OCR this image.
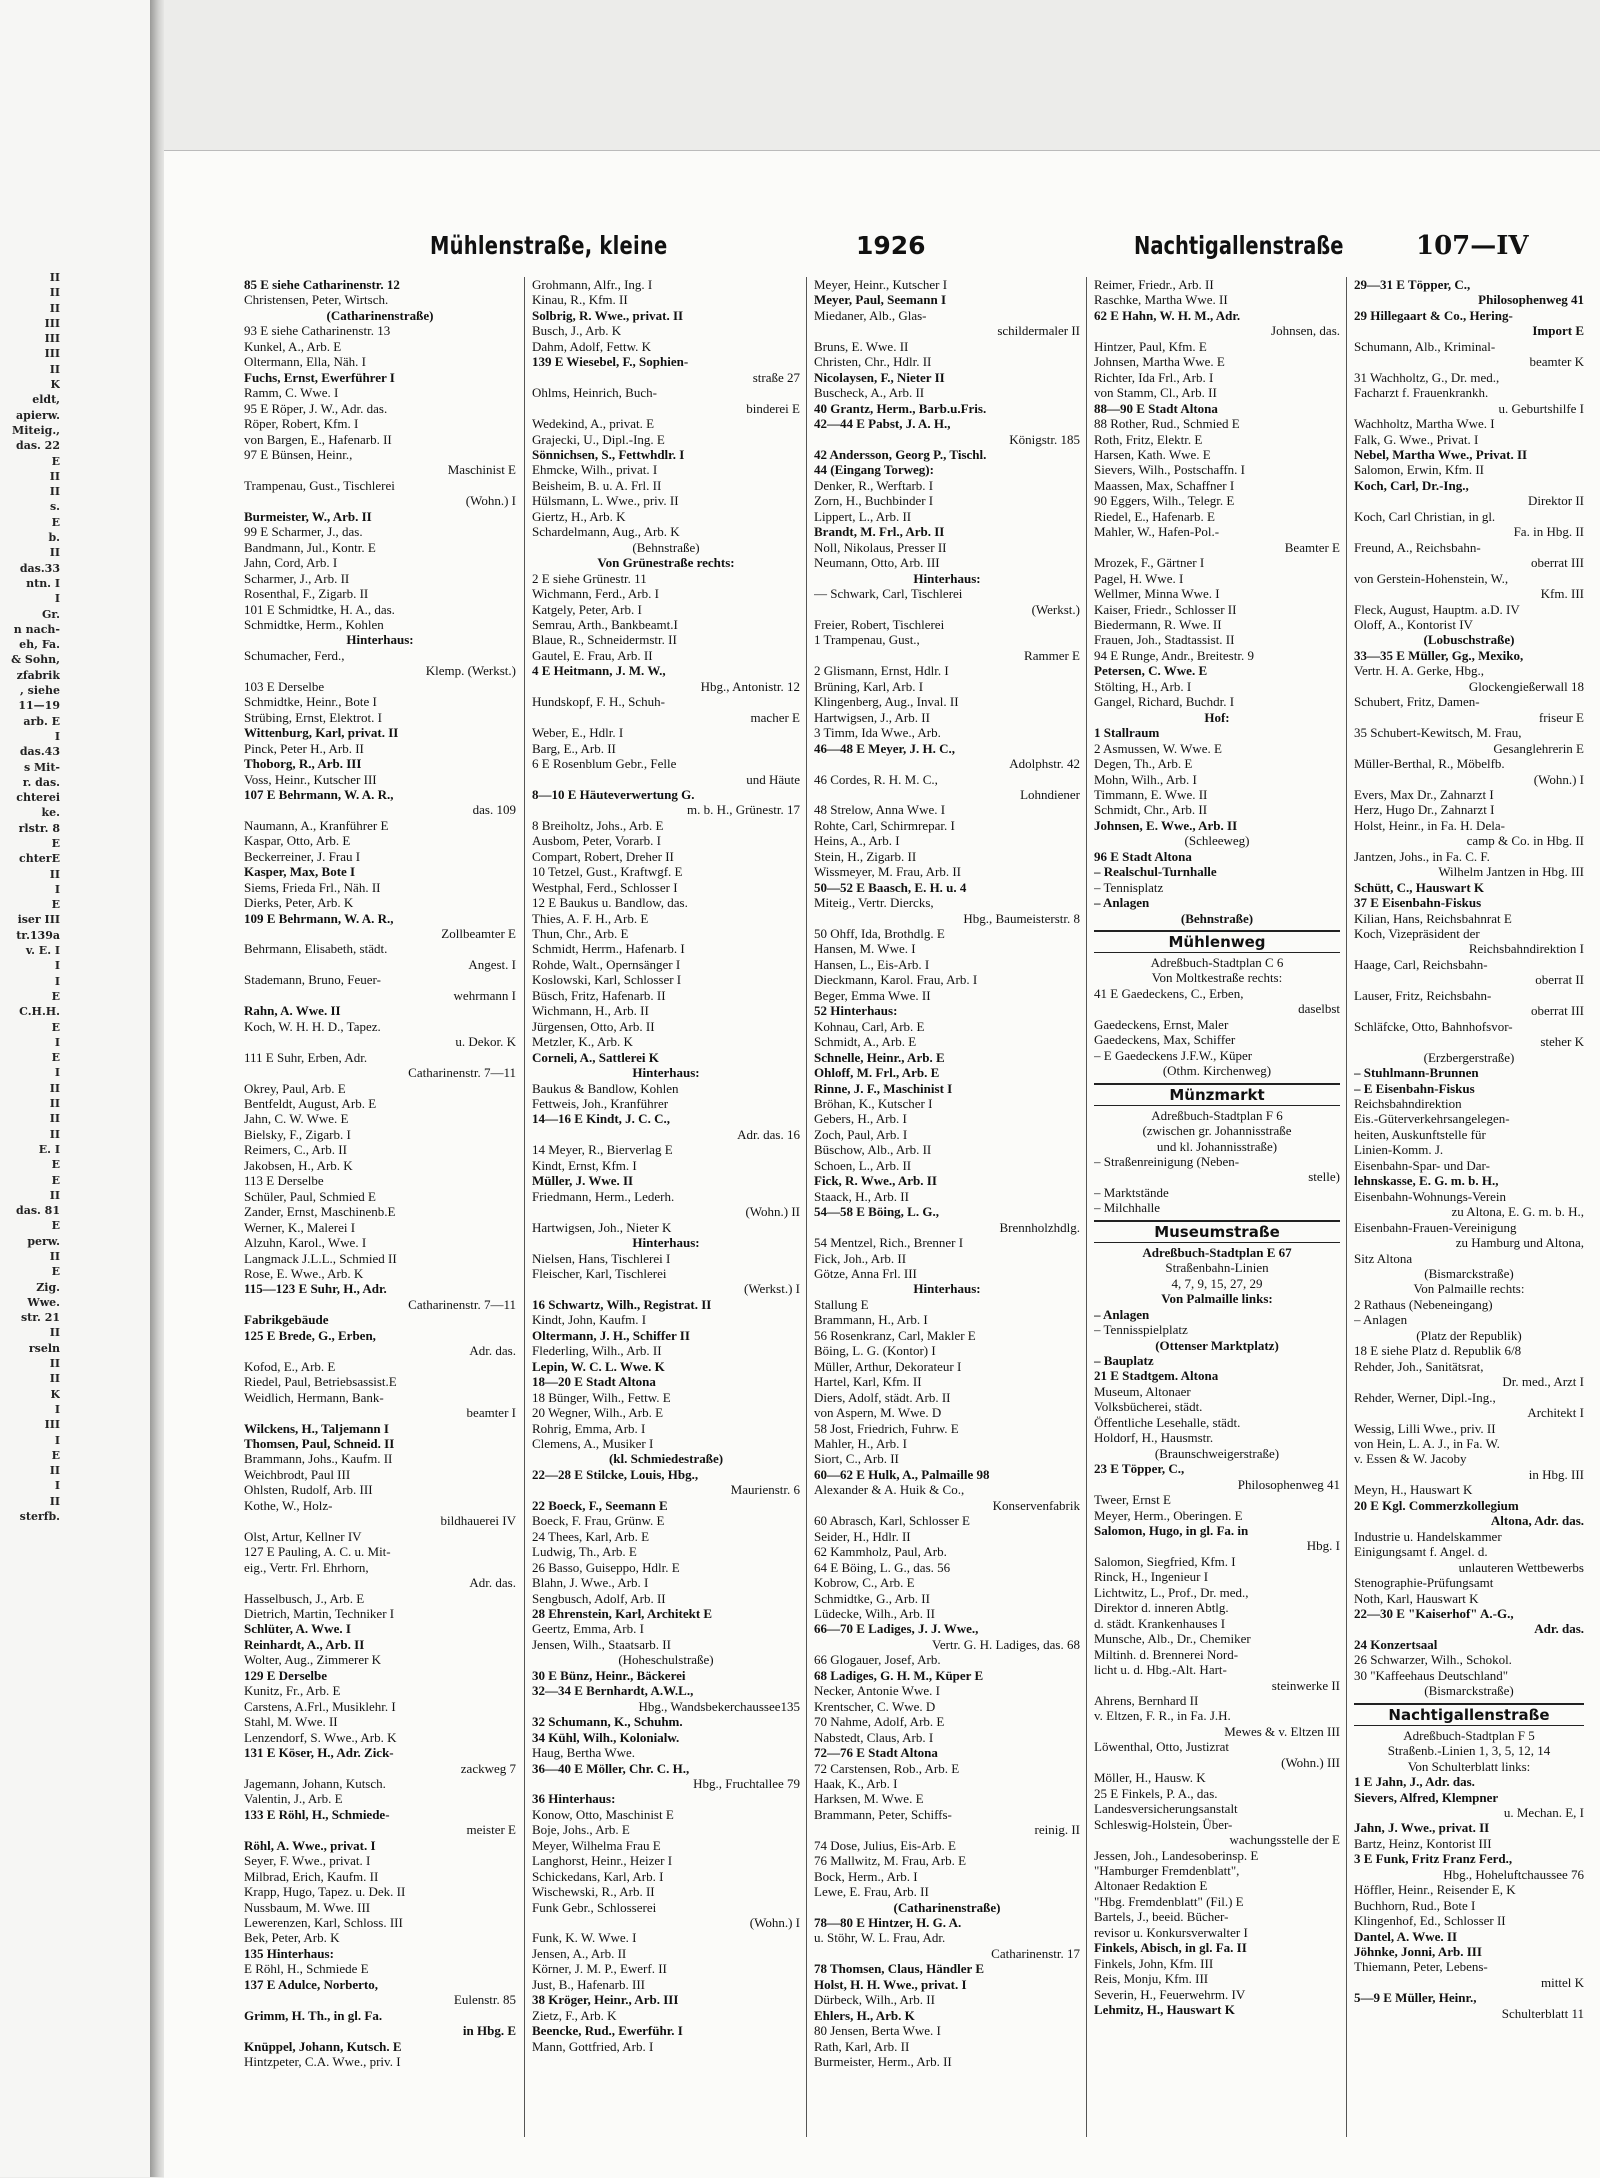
II
II
II
III
III
III
II
K
eldt,
apierw.
Miteig.,
das. 22
E
II
II
s.
E
b.
II
das.33
ntn. I
I
Gr.
n nach-
eh, Fa.
& Sohn,
zfabrik
, siehe
11—19
arb. E
I
das.43
s Mit-
r. das.
chterei
ke.
rlstr. 8
E
chterE
II
I
E
iser III
tr.139a
v. E. I
I
I
E
C.H.H.
E
I
E
I
II
II
II
II
E. I
E
E
II
das. 81
E
perw.
II
E
Zig.
Wwe.
str. 21
II
rseln
II
II
K
I
III
I
E
II
I
II
sterfb.
Mühlenstraße, kleine	1926	Nachtigallenstraße	107—IV
85 E siehe Catharinenstr. 12
Christensen, Peter, Wirtsch.
(Catharinenstraße)
93 E siehe Catharinenstr. 13
Kunkel, A., Arb. E
Oltermann, Ella, Näh. I
Fuchs, Ernst, Ewerführer I
Ramm, C. Wwe. I
95 E Röper, J. W., Adr. das.
Röper, Robert, Kfm. I
von Bargen, E., Hafenarb. II
97 E Bünsen, Heinr.,
Maschinist E
Trampenau, Gust., Tischlerei
(Wohn.) I
Burmeister, W., Arb. II
99 E Scharmer, J., das.
Bandmann, Jul., Kontr. E
Jahn, Cord, Arb. I
Scharmer, J., Arb. II
Rosenthal, F., Zigarb. II
101 E Schmidtke, H. A., das.
Schmidtke, Herm., Kohlen
Hinterhaus:
Schumacher, Ferd.,
Klemp. (Werkst.)
103 E Derselbe
Schmidtke, Heinr., Bote I
Strübing, Ernst, Elektrot. I
Wittenburg, Karl, privat. II
Pinck, Peter H., Arb. II
Thoborg, R., Arb. III
Voss, Heinr., Kutscher III
107 E Behrmann, W. A. R.,
das. 109
Naumann, A., Kranführer E
Kaspar, Otto, Arb. E
Beckerreiner, J. Frau I
Kasper, Max, Bote I
Siems, Frieda Frl., Näh. II
Dierks, Peter, Arb. K
109 E Behrmann, W. A. R.,
Zollbeamter E
Behrmann, Elisabeth, städt.
Angest. I
Stademann, Bruno, Feuer-
wehrmann I
Rahn, A. Wwe. II
Koch, W. H. H. D., Tapez.
u. Dekor. K
111 E Suhr, Erben, Adr.
Catharinenstr. 7—11
Okrey, Paul, Arb. E
Bentfeldt, August, Arb. E
Jahn, C. W. Wwe. E
Bielsky, F., Zigarb. I
Reimers, C., Arb. II
Jakobsen, H., Arb. K
113 E Derselbe
Schüler, Paul, Schmied E
Zander, Ernst, Maschinenb.E
Werner, K., Malerei I
Alzuhn, Karol., Wwe. I
Langmack J.L.L., Schmied II
Rose, E. Wwe., Arb. K
115—123 E Suhr, H., Adr.
Catharinenstr. 7—11
Fabrikgebäude
125 E Brede, G., Erben,
Adr. das.
Kofod, E., Arb. E
Riedel, Paul, Betriebsassist.E
Weidlich, Hermann, Bank-
beamter I
Wilckens, H., Taljemann I
Thomsen, Paul, Schneid. II
Brammann, Johs., Kaufm. II
Weichbrodt, Paul III
Ohlsten, Rudolf, Arb. III
Kothe, W., Holz-
bildhauerei IV
Olst, Artur, Kellner IV
127 E Pauling, A. C. u. Mit-
eig., Vertr. Frl. Ehrhorn,
Adr. das.
Hasselbusch, J., Arb. E
Dietrich, Martin, Techniker I
Schlüter, A. Wwe. I
Reinhardt, A., Arb. II
Wolter, Aug., Zimmerer K
129 E Derselbe
Kunitz, Fr., Arb. E
Carstens, A.Frl., Musiklehr. I
Stahl, M. Wwe. II
Lenzendorf, S. Wwe., Arb. K
131 E Köser, H., Adr. Zick-
zackweg 7
Jagemann, Johann, Kutsch.
Valentin, J., Arb. E
133 E Röhl, H., Schmiede-
meister E
Röhl, A. Wwe., privat. I
Seyer, F. Wwe., privat. I
Milbrad, Erich, Kaufm. II
Krapp, Hugo, Tapez. u. Dek. II
Nussbaum, M. Wwe. III
Lewerenzen, Karl, Schloss. III
Bek, Peter, Arb. K
135 Hinterhaus:
E Röhl, H., Schmiede E
137 E Adulce, Norberto,
Eulenstr. 85
Grimm, H. Th., in gl. Fa.
in Hbg. E
Knüppel, Johann, Kutsch. E
Hintzpeter, C.A. Wwe., priv. I
Grohmann, Alfr., Ing. I
Kinau, R., Kfm. II
Solbrig, R. Wwe., privat. II
Busch, J., Arb. K
Dahm, Adolf, Fettw. K
139 E Wiesebel, F., Sophien-
straße 27
Ohlms, Heinrich, Buch-
binderei E
Wedekind, A., privat. E
Grajecki, U., Dipl.-Ing. E
Sönnichsen, S., Fettwhdlr. I
Ehmcke, Wilh., privat. I
Beisheim, B. u. A. Frl. II
Hülsmann, L. Wwe., priv. II
Giertz, H., Arb. K
Schardelmann, Aug., Arb. K
(Behnstraße)
Von Grünestraße rechts:
2 E siehe Grünestr. 11
Wichmann, Ferd., Arb. I
Katgely, Peter, Arb. I
Semrau, Arth., Bankbeamt.I
Blaue, R., Schneidermstr. II
Gautel, E. Frau, Arb. II
4 E Heitmann, J. M. W.,
Hbg., Antonistr. 12
Hundskopf, F. H., Schuh-
macher E
Weber, E., Hdlr. I
Barg, E., Arb. II
6 E Rosenblum Gebr., Felle
und Häute
8—10 E Häuteverwertung G.
m. b. H., Grünestr. 17
8 Breiholtz, Johs., Arb. E
Ausbom, Peter, Vorarb. I
Compart, Robert, Dreher II
10 Tetzel, Gust., Kraftwgf. E
Westphal, Ferd., Schlosser I
12 E Baukus u. Bandlow, das.
Thies, A. F. H., Arb. E
Thun, Chr., Arb. E
Schmidt, Herrm., Hafenarb. I
Rohde, Walt., Opernsänger I
Koslowski, Karl, Schlosser I
Büsch, Fritz, Hafenarb. II
Wichmann, H., Arb. II
Jürgensen, Otto, Arb. II
Metzler, K., Arb. K
Corneli, A., Sattlerei K
Hinterhaus:
Baukus & Bandlow, Kohlen
Fettweis, Joh., Kranführer
14—16 E Kindt, J. C. C.,
Adr. das. 16
14 Meyer, R., Bierverlag E
Kindt, Ernst, Kfm. I
Müller, J. Wwe. II
Friedmann, Herm., Lederh.
(Wohn.) II
Hartwigsen, Joh., Nieter K
Hinterhaus:
Nielsen, Hans, Tischlerei I
Fleischer, Karl, Tischlerei
(Werkst.) I
16 Schwartz, Wilh., Registrat. II
Kindt, John, Kaufm. I
Oltermann, J. H., Schiffer II
Flederling, Wilh., Arb. II
Lepin, W. C. L. Wwe. K
18—20 E Stadt Altona
18 Bünger, Wilh., Fettw. E
20 Wegner, Wilh., Arb. E
Rohrig, Emma, Arb. I
Clemens, A., Musiker I
(kl. Schmiedestraße)
22—28 E Stilcke, Louis, Hbg.,
Maurienstr. 6
22 Boeck, F., Seemann E
Boeck, F. Frau, Grünw. E
24 Thees, Karl, Arb. E
Ludwig, Th., Arb. E
26 Basso, Guiseppo, Hdlr. E
Blahn, J. Wwe., Arb. I
Sengbusch, Adolf, Arb. II
28 Ehrenstein, Karl, Architekt E
Geertz, Emma, Arb. I
Jensen, Wilh., Staatsarb. II
(Hoheschulstraße)
30 E Bünz, Heinr., Bäckerei
32—34 E Bernhardt, A.W.L.,
Hbg., Wandsbekerchaussee135
32 Schumann, K., Schuhm.
34 Kühl, Wilh., Kolonialw.
Haug, Bertha Wwe.
36—40 E Möller, Chr. C. H.,
Hbg., Fruchtallee 79
36 Hinterhaus:
Konow, Otto, Maschinist E
Boje, Johs., Arb. E
Meyer, Wilhelma Frau E
Langhorst, Heinr., Heizer I
Schickedans, Karl, Arb. I
Wischewski, R., Arb. II
Funk Gebr., Schlosserei
(Wohn.) I
Funk, K. W. Wwe. I
Jensen, A., Arb. II
Körner, J. M. P., Ewerf. II
Just, B., Hafenarb. III
38 Kröger, Heinr., Arb. III
Zietz, F., Arb. K
Beencke, Rud., Ewerführ. I
Mann, Gottfried, Arb. I
Meyer, Heinr., Kutscher I
Meyer, Paul, Seemann I
Miedaner, Alb., Glas-
schildermaler II
Bruns, E. Wwe. II
Christen, Chr., Hdlr. II
Nicolaysen, F., Nieter II
Buscheck, A., Arb. II
40 Grantz, Herm., Barb.u.Fris.
42—44 E Pabst, J. A. H.,
Königstr. 185
42 Andersson, Georg P., Tischl.
44 (Eingang Torweg):
Denker, R., Werftarb. I
Zorn, H., Buchbinder I
Lippert, L., Arb. II
Brandt, M. Frl., Arb. II
Noll, Nikolaus, Presser II
Neumann, Otto, Arb. III
Hinterhaus:
— Schwark, Carl, Tischlerei
(Werkst.)
Freier, Robert, Tischlerei
1 Trampenau, Gust.,
Rammer E
2 Glismann, Ernst, Hdlr. I
Brüning, Karl, Arb. I
Klingenberg, Aug., Inval. II
Hartwigsen, J., Arb. II
3 Timm, Ida Wwe., Arb.
46—48 E Meyer, J. H. C.,
Adolphstr. 42
46 Cordes, R. H. M. C.,
Lohndiener
48 Strelow, Anna Wwe. I
Rohte, Carl, Schirmrepar. I
Heins, A., Arb. I
Stein, H., Zigarb. II
Wissmeyer, M. Frau, Arb. II
50—52 E Baasch, E. H. u. 4
Miteig., Vertr. Diercks,
Hbg., Baumeisterstr. 8
50 Ohff, Ida, Brothdlg. E
Hansen, M. Wwe. I
Hansen, L., Eis-Arb. I
Dieckmann, Karol. Frau, Arb. I
Beger, Emma Wwe. II
52 Hinterhaus:
Kohnau, Carl, Arb. E
Schmidt, A., Arb. E
Schnelle, Heinr., Arb. E
Ohloff, M. Frl., Arb. E
Rinne, J. F., Maschinist I
Bröhan, K., Kutscher I
Gebers, H., Arb. I
Zoch, Paul, Arb. I
Büschow, Alb., Arb. II
Schoen, L., Arb. II
Fick, R. Wwe., Arb. II
Staack, H., Arb. II
54—58 E Böing, L. G.,
Brennholzhdlg.
54 Mentzel, Rich., Brenner I
Fick, Joh., Arb. II
Götze, Anna Frl. III
Hinterhaus:
Stallung E
Brammann, H., Arb. I
56 Rosenkranz, Carl, Makler E
Böing, L. G. (Kontor) I
Müller, Arthur, Dekorateur I
Hartel, Karl, Kfm. II
Diers, Adolf, städt. Arb. II
von Aspern, M. Wwe. D
58 Jost, Friedrich, Fuhrw. E
Mahler, H., Arb. I
Siort, C., Arb. II
60—62 E Hulk, A., Palmaille 98
Alexander & A. Huik & Co.,
Konservenfabrik
60 Abrasch, Karl, Schlosser E
Seider, H., Hdlr. II
62 Kammholz, Paul, Arb.
64 E Böing, L. G., das. 56
Kobrow, C., Arb. E
Schmidtke, G., Arb. II
Lüdecke, Wilh., Arb. II
66—70 E Ladiges, J. J. Wwe.,
Vertr. G. H. Ladiges, das. 68
66 Glogauer, Josef, Arb.
68 Ladiges, G. H. M., Küper E
Necker, Antonie Wwe. I
Krentscher, C. Wwe. D
70 Nahme, Adolf, Arb. E
Nabstedt, Claus, Arb. I
72—76 E Stadt Altona
72 Carstensen, Rob., Arb. E
Haak, K., Arb. I
Harksen, M. Wwe. E
Brammann, Peter, Schiffs-
reinig. II
74 Dose, Julius, Eis-Arb. E
76 Mallwitz, M. Frau, Arb. E
Bock, Herm., Arb. I
Lewe, E. Frau, Arb. II
(Catharinenstraße)
78—80 E Hintzer, H. G. A.
u. Stöhr, W. L. Frau, Adr.
Catharinenstr. 17
78 Thomsen, Claus, Händler E
Holst, H. H. Wwe., privat. I
Dürbeck, Wilh., Arb. II
Ehlers, H., Arb. K
80 Jensen, Berta Wwe. I
Rath, Karl, Arb. II
Burmeister, Herm., Arb. II
Reimer, Friedr., Arb. II
Raschke, Martha Wwe. II
62 E Hahn, W. H. M., Adr.
Johnsen, das.
Hintzer, Paul, Kfm. E
Johnsen, Martha Wwe. E
Richter, Ida Frl., Arb. I
von Stamm, Cl., Arb. II
88—90 E Stadt Altona
88 Rother, Rud., Schmied E
Roth, Fritz, Elektr. E
Harsen, Kath. Wwe. E
Sievers, Wilh., Postschaffn. I
Maassen, Max, Schaffner I
90 Eggers, Wilh., Telegr. E
Riedel, E., Hafenarb. E
Mahler, W., Hafen-Pol.-
Beamter E
Mrozek, F., Gärtner I
Pagel, H. Wwe. I
Wellmer, Minna Wwe. I
Kaiser, Friedr., Schlosser II
Biedermann, R. Wwe. II
Frauen, Joh., Stadtassist. II
94 E Runge, Andr., Breitestr. 9
Petersen, C. Wwe. E
Stölting, H., Arb. I
Gangel, Richard, Buchdr. I
Hof:
1 Stallraum
2 Asmussen, W. Wwe. E
Degen, Th., Arb. E
Mohn, Wilh., Arb. I
Timmann, E. Wwe. II
Schmidt, Chr., Arb. II
Johnsen, E. Wwe., Arb. II
(Schleeweg)
96 E Stadt Altona
– Realschul-Turnhalle
– Tennisplatz
– Anlagen
(Behnstraße)
Mühlenweg
Adreßbuch-Stadtplan C 6
Von Moltkestraße rechts:
41 E Gaedeckens, C., Erben,
daselbst
Gaedeckens, Ernst, Maler
Gaedeckens, Max, Schiffer
– E Gaedeckens J.F.W., Küper
(Othm. Kirchenweg)
Münzmarkt
Adreßbuch-Stadtplan F 6
(zwischen gr. Johannisstraße
und kl. Johannisstraße)
– Straßenreinigung (Neben-
stelle)
– Marktstände
– Milchhalle
Museumstraße
Adreßbuch-Stadtplan E 67
Straßenbahn-Linien
4, 7, 9, 15, 27, 29
Von Palmaille links:
– Anlagen
– Tennisspielplatz
(Ottenser Marktplatz)
– Bauplatz
21 E Stadtgem. Altona
Museum, Altonaer
Volksbücherei, städt.
Öffentliche Lesehalle, städt.
Holdorf, H., Hausmstr.
(Braunschweigerstraße)
23 E Töpper, C.,
Philosophenweg 41
Tweer, Ernst E
Meyer, Herm., Oberingen. E
Salomon, Hugo, in gl. Fa. in
Hbg. I
Salomon, Siegfried, Kfm. I
Rinck, H., Ingenieur I
Lichtwitz, L., Prof., Dr. med.,
Direktor d. inneren Abtlg.
d. städt. Krankenhauses I
Munsche, Alb., Dr., Chemiker
Miltinh. d. Brennerei Nord-
licht u. d. Hbg.-Alt. Hart-
steinwerke II
Ahrens, Bernhard II
v. Eltzen, F. R., in Fa. J.H.
Mewes & v. Eltzen III
Löwenthal, Otto, Justizrat
(Wohn.) III
Möller, H., Hausw. K
25 E Finkels, P. A., das.
Landesversicherungsanstalt
Schleswig-Holstein, Über-
wachungsstelle der E
Jessen, Joh., Landesoberinsp. E
"Hamburger Fremdenblatt",
Altonaer Redaktion E
"Hbg. Fremdenblatt" (Fil.) E
Bartels, J., beeid. Bücher-
revisor u. Konkursverwalter I
Finkels, Abisch, in gl. Fa. II
Finkels, John, Kfm. III
Reis, Monju, Kfm. III
Severin, H., Feuerwehrm. IV
Lehmitz, H., Hauswart K
29—31 E Töpper, C.,
Philosophenweg 41
29 Hillegaart & Co., Hering-
Import E
Schumann, Alb., Kriminal-
beamter K
31 Wachholtz, G., Dr. med.,
Facharzt f. Frauenkrankh.
u. Geburtshilfe I
Wachholtz, Martha Wwe. I
Falk, G. Wwe., Privat. I
Nebel, Martha Wwe., Privat. II
Salomon, Erwin, Kfm. II
Koch, Carl, Dr.-Ing.,
Direktor II
Koch, Carl Christian, in gl.
Fa. in Hbg. II
Freund, A., Reichsbahn-
oberrat III
von Gerstein-Hohenstein, W.,
Kfm. III
Fleck, August, Hauptm. a.D. IV
Oloff, A., Kontorist IV
(Lobuschstraße)
33—35 E Müller, Gg., Mexiko,
Vertr. H. A. Gerke, Hbg.,
Glockengießerwall 18
Schubert, Fritz, Damen-
friseur E
35 Schubert-Kewitsch, M. Frau,
Gesanglehrerin E
Müller-Berthal, R., Möbelfb.
(Wohn.) I
Evers, Max Dr., Zahnarzt I
Herz, Hugo Dr., Zahnarzt I
Holst, Heinr., in Fa. H. Dela-
camp & Co. in Hbg. II
Jantzen, Johs., in Fa. C. F.
Wilhelm Jantzen in Hbg. III
Schütt, C., Hauswart K
37 E Eisenbahn-Fiskus
Kilian, Hans, Reichsbahnrat E
Koch, Vizepräsident der
Reichsbahndirektion I
Haage, Carl, Reichsbahn-
oberrat II
Lauser, Fritz, Reichsbahn-
oberrat III
Schläfcke, Otto, Bahnhofsvor-
steher K
(Erzbergerstraße)
– Stuhlmann-Brunnen
– E Eisenbahn-Fiskus
Reichsbahndirektion
Eis.-Güterverkehrsangelegen-
heiten, Auskunftstelle für
Linien-Komm. J.
Eisenbahn-Spar- und Dar-
lehnskasse, E. G. m. b. H.,
Eisenbahn-Wohnungs-Verein
zu Altona, E. G. m. b. H.,
Eisenbahn-Frauen-Vereinigung
zu Hamburg und Altona,
Sitz Altona
(Bismarckstraße)
Von Palmaille rechts:
2 Rathaus (Nebeneingang)
– Anlagen
(Platz der Republik)
18 E siehe Platz d. Republik 6/8
Rehder, Joh., Sanitätsrat,
Dr. med., Arzt I
Rehder, Werner, Dipl.-Ing.,
Architekt I
Wessig, Lilli Wwe., priv. II
von Hein, L. A. J., in Fa. W.
v. Essen & W. Jacoby
in Hbg. III
Meyn, H., Hauswart K
20 E Kgl. Commerzkollegium
Altona, Adr. das.
Industrie u. Handelskammer
Einigungsamt f. Angel. d.
unlauteren Wettbewerbs
Stenographie-Prüfungsamt
Noth, Karl, Hauswart K
22—30 E "Kaiserhof" A.-G.,
Adr. das.
24 Konzertsaal
26 Schwarzer, Wilh., Schokol.
30 "Kaffeehaus Deutschland"
(Bismarckstraße)
Nachtigallenstraße
Adreßbuch-Stadtplan F 5
Straßenb.-Linien 1, 3, 5, 12, 14
Von Schulterblatt links:
1 E Jahn, J., Adr. das.
Sievers, Alfred, Klempner
u. Mechan. E, I
Jahn, J. Wwe., privat. II
Bartz, Heinz, Kontorist III
3 E Funk, Fritz Franz Ferd.,
Hbg., Hoheluftchaussee 76
Höffler, Heinr., Reisender E, K
Buchhorn, Rud., Bote I
Klingenhof, Ed., Schlosser II
Dantel, A. Wwe. II
Jöhnke, Jonni, Arb. III
Thiemann, Peter, Lebens-
mittel K
5—9 E Müller, Heinr.,
Schulterblatt 11
